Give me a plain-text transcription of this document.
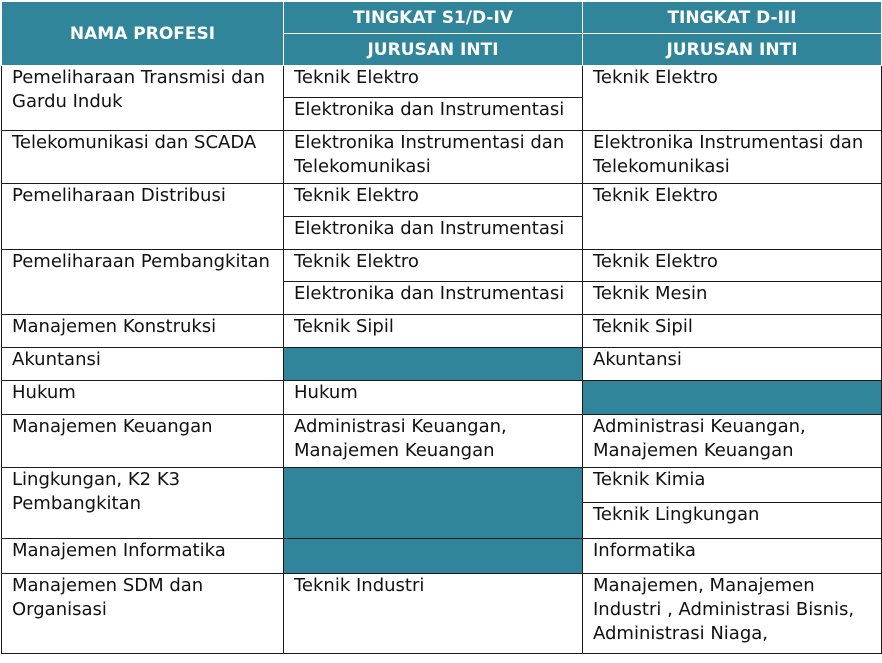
NAMA PROFESI	TINGKAT S1/D-IV	TINGKAT D-III
	JURUSAN INTI	JURUSAN INTI
Pemeliharaan Transmisi dan Gardu Induk	Teknik Elektro	Teknik Elektro
	Elektronika dan Instrumentasi	
Telekomunikasi dan SCADA	Elektronika Instrumentasi dan Telekomunikasi	Elektronika Instrumentasi dan Telekomunikasi
Pemeliharaan Distribusi	Teknik Elektro	Teknik Elektro
	Elektronika dan Instrumentasi	
Pemeliharaan Pembangkitan	Teknik Elektro	Teknik Elektro
	Elektronika dan Instrumentasi	Teknik Mesin
Manajemen Konstruksi	Teknik Sipil	Teknik Sipil
Akuntansi		Akuntansi
Hukum	Hukum	
Manajemen Keuangan	Administrasi Keuangan, Manajemen Keuangan	Administrasi Keuangan, Manajemen Keuangan
Lingkungan, K2 K3 Pembangkitan		Teknik Kimia
		Teknik Lingkungan
Manajemen Informatika		Informatika
Manajemen SDM dan Organisasi	Teknik Industri	Manajemen, Manajemen Industri , Administrasi Bisnis, Administrasi Niaga,
